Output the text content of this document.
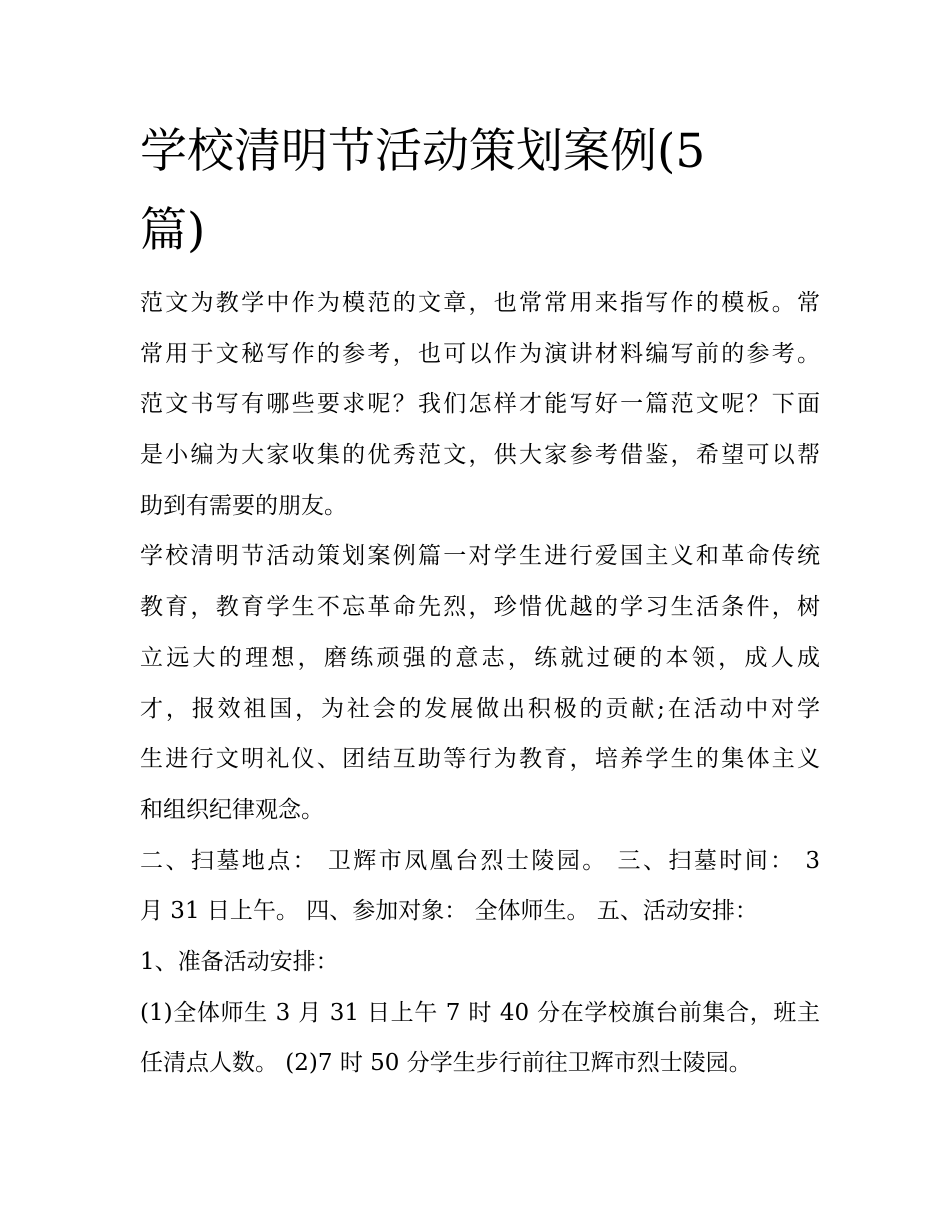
学校清明节活动策划案例(5
篇)
范文为教学中作为模范的文章，也常常用来指写作的模板。常
常用于文秘写作的参考，也可以作为演讲材料编写前的参考。
范文书写有哪些要求呢？我们怎样才能写好一篇范文呢？下面
是小编为大家收集的优秀范文，供大家参考借鉴，希望可以帮
助到有需要的朋友。
学校清明节活动策划案例篇一对学生进行爱国主义和革命传统
教育，教育学生不忘革命先烈，珍惜优越的学习生活条件，树
立远大的理想，磨练顽强的意志，练就过硬的本领，成人成
才，报效祖国，为社会的发展做出积极的贡献;在活动中对学
生进行文明礼仪、团结互助等行为教育，培养学生的集体主义
和组织纪律观念。
二、扫墓地点： 卫辉市凤凰台烈士陵园。 三、扫墓时间： 3
月 31 日上午。 四、参加对象： 全体师生。 五、活动安排：
1、准备活动安排：
(1)全体师生 3 月 31 日上午 7 时 40 分在学校旗台前集合，班主
任清点人数。 (2)7 时 50 分学生步行前往卫辉市烈士陵园。
